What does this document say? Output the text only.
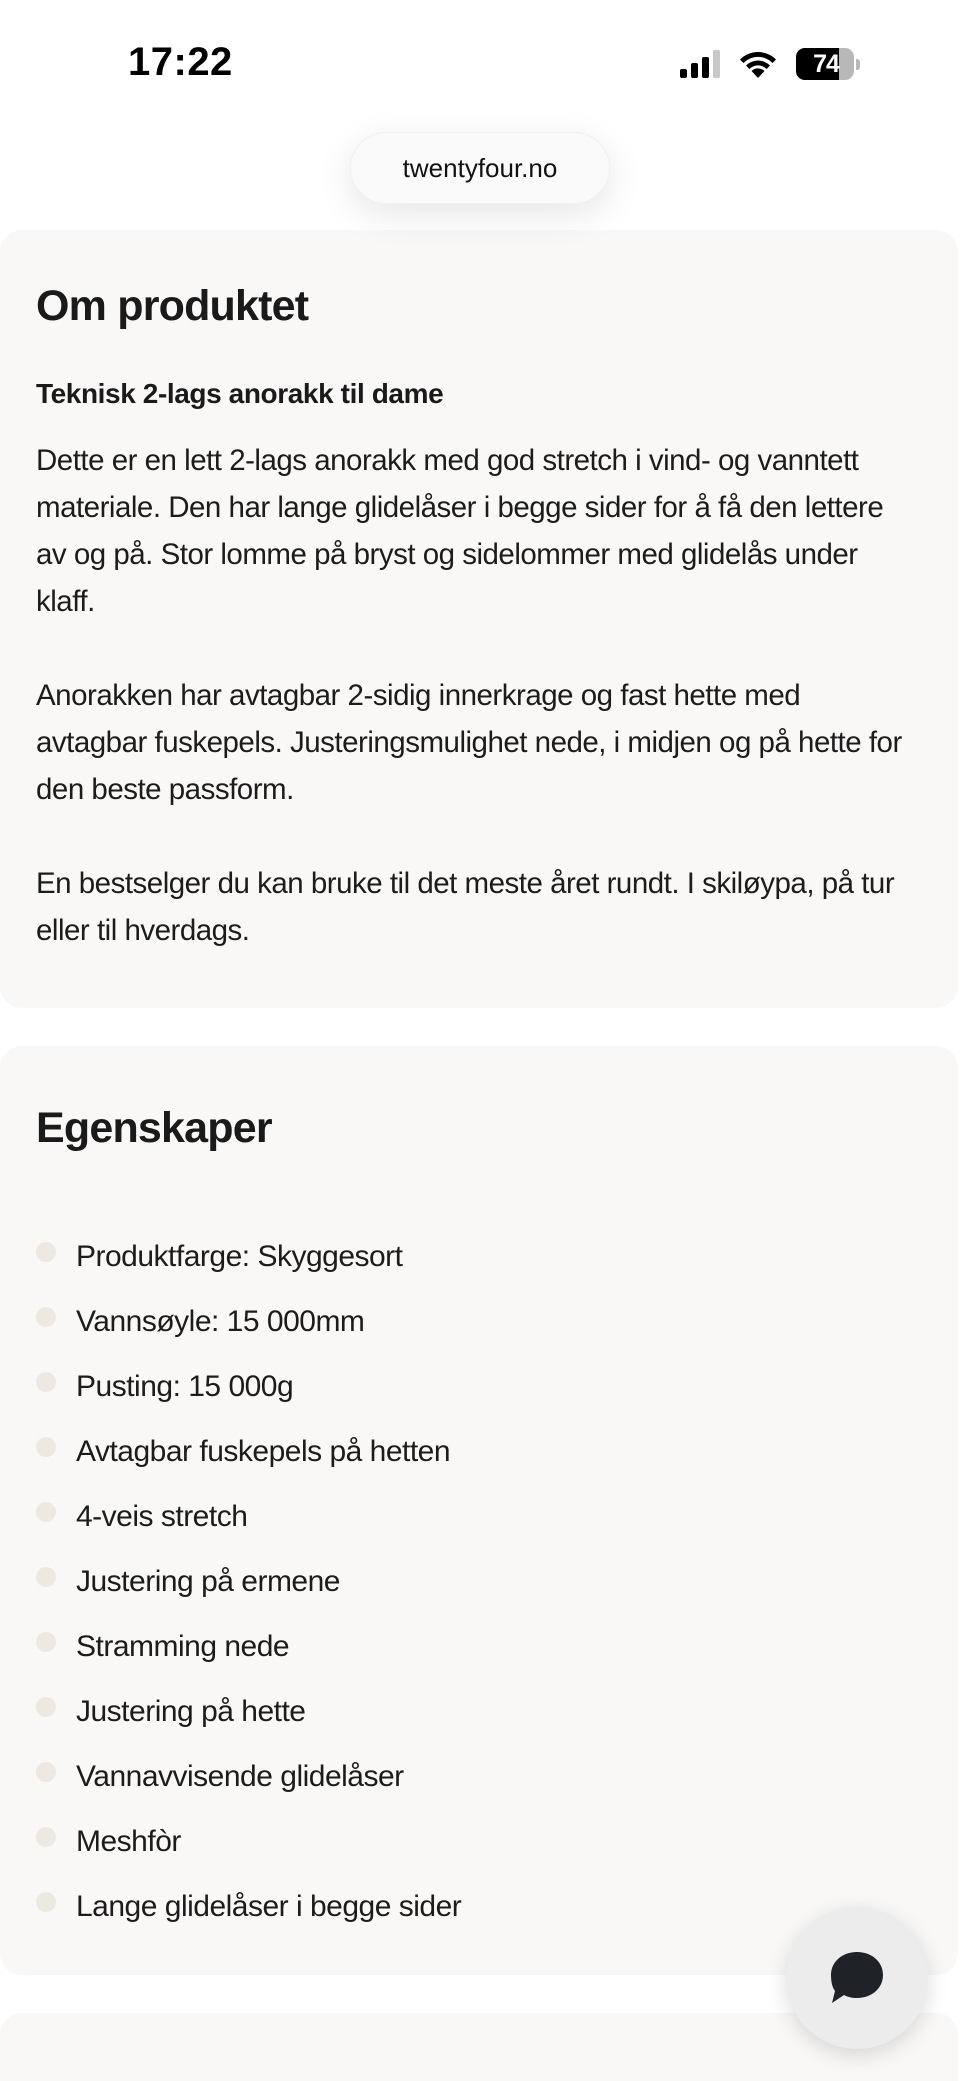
17:22	74
twentyfour.no
Om produktet
Teknisk 2-lags anorakk til dame

Dette er en lett 2-lags anorakk med god stretch i vind- og vanntett materiale. Den har lange glidelåser i begge sider for å få den lettere av og på. Stor lomme på bryst og sidelommer med glidelås under klaff.

Anorakken har avtagbar 2-sidig innerkrage og fast hette med avtagbar fuskepels. Justeringsmulighet nede, i midjen og på hette for den beste passform.

En bestselger du kan bruke til det meste året rundt. I skiløypa, på tur eller til hverdags.

Egenskaper
Produktfarge: Skyggesort
Vannsøyle: 15 000mm
Pusting: 15 000g
Avtagbar fuskepels på hetten
4-veis stretch
Justering på ermene
Stramming nede
Justering på hette
Vannavvisende glidelåser
Meshfòr
Lange glidelåser i begge sider
